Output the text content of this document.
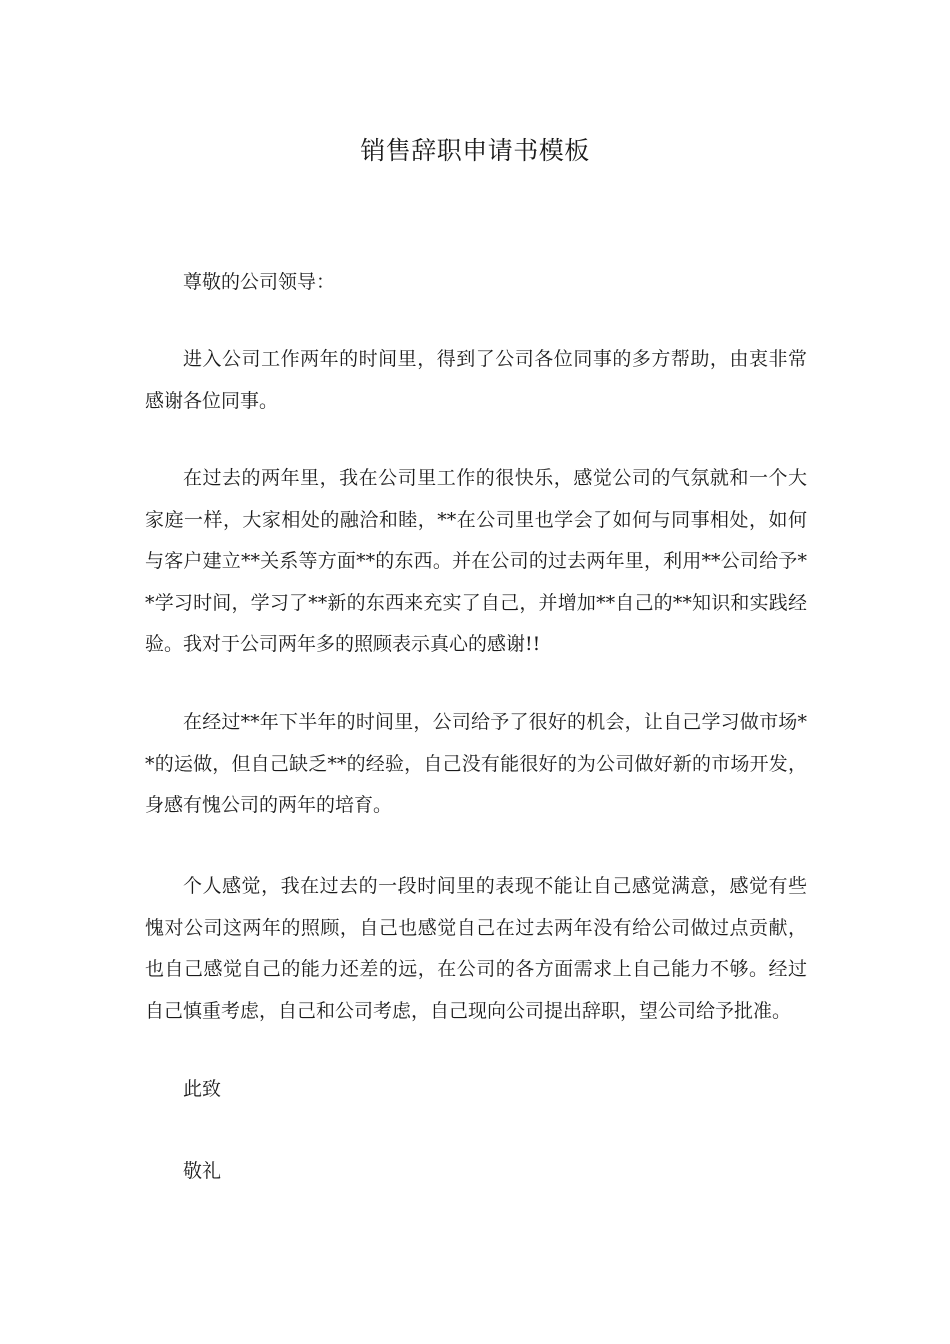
销售辞职申请书模板

尊敬的公司领导：

进入公司工作两年的时间里，得到了公司各位同事的多方帮助，由衷非常感谢各位同事。

在过去的两年里，我在公司里工作的很快乐，感觉公司的气氛就和一个大家庭一样，大家相处的融洽和睦，**在公司里也学会了如何与同事相处，如何与客户建立**关系等方面**的东西。并在公司的过去两年里，利用**公司给予**学习时间，学习了**新的东西来充实了自己，并增加**自己的**知识和实践经验。我对于公司两年多的照顾表示真心的感谢!!

在经过**年下半年的时间里，公司给予了很好的机会，让自己学习做市场**的运做，但自己缺乏**的经验，自己没有能很好的为公司做好新的市场开发，身感有愧公司的两年的培育。

个人感觉，我在过去的一段时间里的表现不能让自己感觉满意，感觉有些愧对公司这两年的照顾，自己也感觉自己在过去两年没有给公司做过点贡献，也自己感觉自己的能力还差的远，在公司的各方面需求上自己能力不够。经过自己慎重考虑，自己和公司考虑，自己现向公司提出辞职，望公司给予批准。

此致

敬礼
